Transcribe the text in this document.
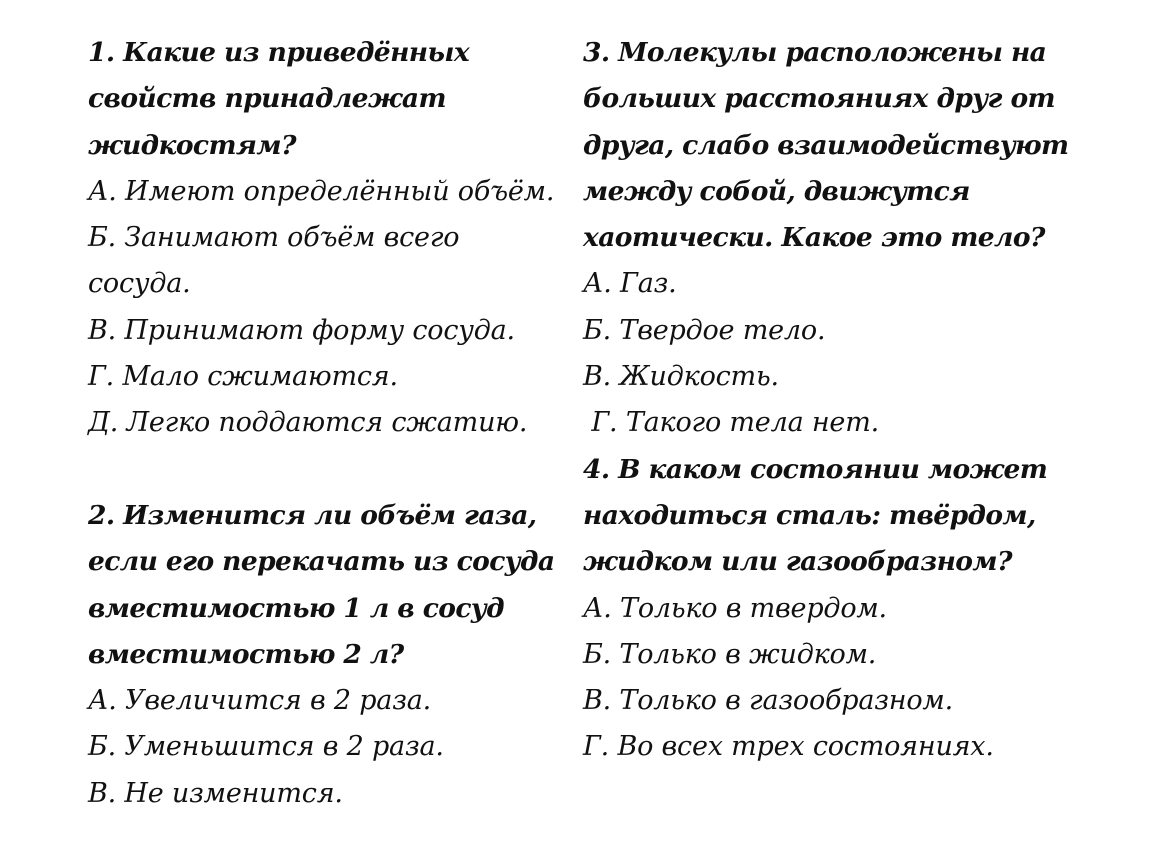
1. Какие из приведённых
свойств принадлежат
жидкостям?
А. Имеют определённый объём.
Б. Занимают объём всего
сосуда.
В. Принимают форму сосуда.
Г. Мало сжимаются.
Д. Легко поддаются сжатию.
2. Изменится ли объём газа,
если его перекачать из сосуда
вместимостью 1 л в сосуд
вместимостью 2 л?
А. Увеличится в 2 раза.
Б. Уменьшится в 2 раза.
В. Не изменится.
3. Молекулы расположены на
больших расстояниях друг от
друга, слабо взаимодействуют
между собой, движутся
хаотически. Какое это тело?
А. Газ.
Б. Твердое тело.
В. Жидкость.
Г. Такого тела нет.
4. В каком состоянии может
находиться сталь: твёрдом,
жидком или газообразном?
А. Только в твердом.
Б. Только в жидком.
В. Только в газообразном.
Г. Во всех трех состояниях.
